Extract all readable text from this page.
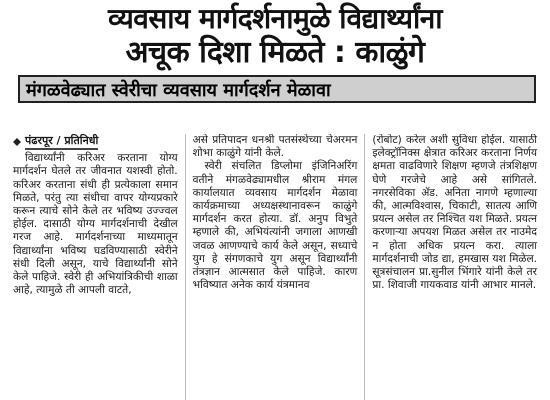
व्यवसाय मार्गदर्शनामुळे विद्यार्थ्यांना
अचूक दिशा मिळते : काळुंगे
मंगळवेढ्यात स्वेरीचा व्यवसाय मार्गदर्शन मेळावा
पंढरपूर / प्रतिनिधी

विद्यार्थ्यांनी करिअर करताना योग्य मार्गदर्शन घेतले तर जीवनात यशस्वी होतो. करिअर करताना संधी ही प्रत्येकाला समान मिळते, परंतु त्या संधीचा वापर योग्यप्रकारे करून त्याचे सोने केले तर भविष्य उज्ज्वल होईल. दासाठी योग्य मार्गदर्शनाची देखील गरज आहे. मार्गदर्शनाच्या माध्यमातून विद्यार्थ्यांना भविष्य घडविण्यासाठी स्वेरीने संधी दिली असून, याचे विद्यार्थ्यांनी सोने केले पाहिजे. स्वेरी ही अभियांत्रिकीची शाळा आहे, त्यामुळे ती आपली वाटते,

असे प्रतिपादन धनश्री पतसंस्थेच्या चेअरमन शोभा काळुंगे यांनी केले.

स्वेरी संचलित डिप्लोमा इंजिनिअरिंग वतीने मंगळवेढ्यामधील श्रीराम मंगल कार्यालयात व्यवसाय मार्गदर्शन मेळावा कार्यक्रमाच्या अध्यक्षस्थानावरून काळुंगे मार्गदर्शन करत होत्या. डॉ. अनुप विभुते म्हणाले की, अभियंत्यांनी जगाला आणखी जवळ आणण्याचे कार्य केले असून, सध्याचे युग हे संगणकाचे युग असून विद्यार्थ्यांनी तंत्रज्ञान आत्मसात केले पाहिजे. कारण भविष्यात अनेक कार्य यंत्रमानव

(रोबोट) करेल अशी सुविधा होईल. यासाठी इलेक्ट्रॉनिक्स क्षेत्रात करिअर करताना निर्णय क्षमता वाढविणारे शिक्षण म्हणजे तंत्रशिक्षण घेणे गरजेचे आहे असे सांगितले. नगरसेविका ॲड. अनिता नागणे म्हणाल्या की, आत्मविश्वास, चिकाटी, सातत्य आणि प्रयत्न असेल तर निश्चित यश मिळते. प्रयत्न करणाऱ्या अपयश मिळत असेल तर नाउमेद न होता अधिक प्रयत्न करा. त्याला मार्गदर्शनाची जोड द्या, हमखास यश मिळेल. सूत्रसंचालन प्रा.सुनील भिंगारे यांनी केले तर प्रा. शिवाजी गायकवाड यांनी आभार मानले.
